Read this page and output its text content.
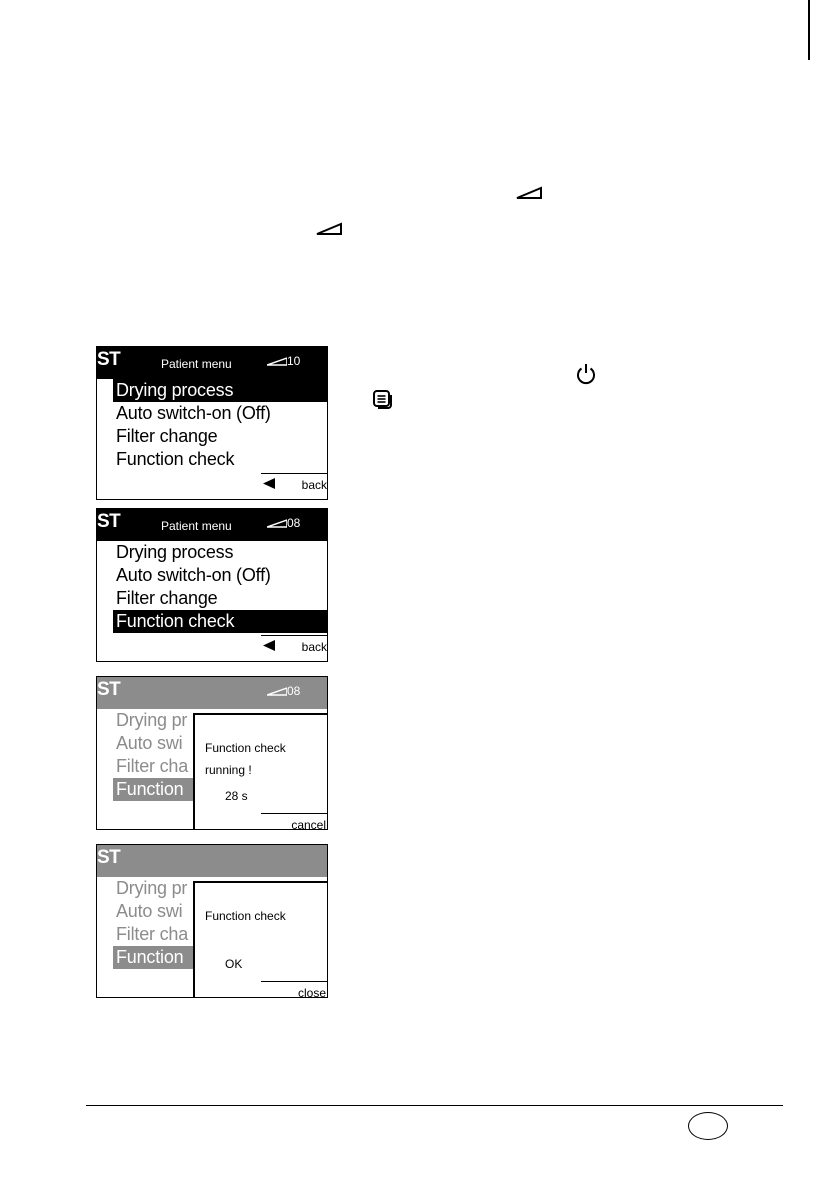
ST	Patient menu	10
Drying process
Auto switch-on (Off)
Filter change
Function check
back
ST	Patient menu	08
Drying process
Auto switch-on (Off)
Filter change
Function check
back
ST	08
Drying pr
Auto swi
Filter cha
Function
Function check
running !
28 s
cancel
ST
Drying pr
Auto swi
Filter cha
Function
Function check
OK
close
